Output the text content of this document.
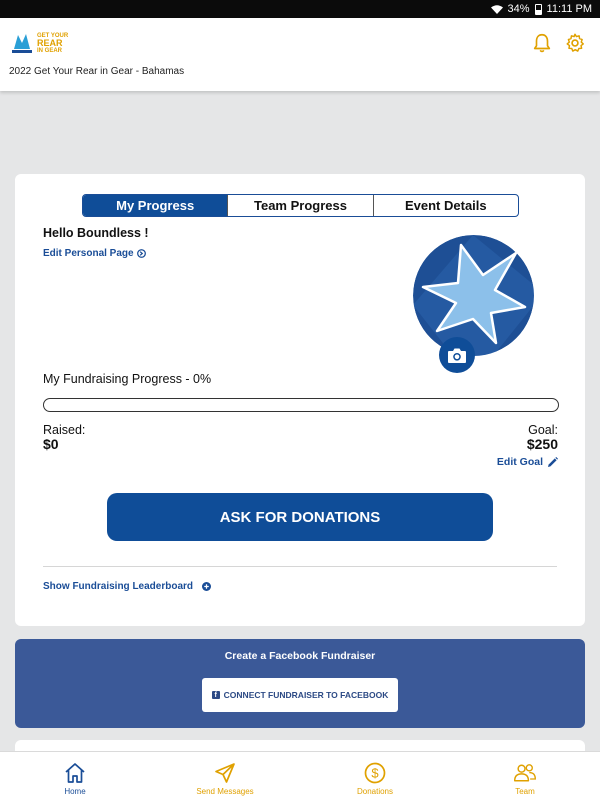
34% 11:11 PM
GET YOUR
REAR
IN GEAR
2022 Get Your Rear in Gear - Bahamas
My Progress	Team Progress	Event Details
Hello Boundless !
Edit Personal Page
My Fundraising Progress - 0%
Raised:
$0
Goal:
$250
Edit Goal
ASK FOR DONATIONS
Show Fundraising Leaderboard
Create a Facebook Fundraiser
f CONNECT FUNDRAISER TO FACEBOOK
Home	Send Messages
$
Donations	Team
